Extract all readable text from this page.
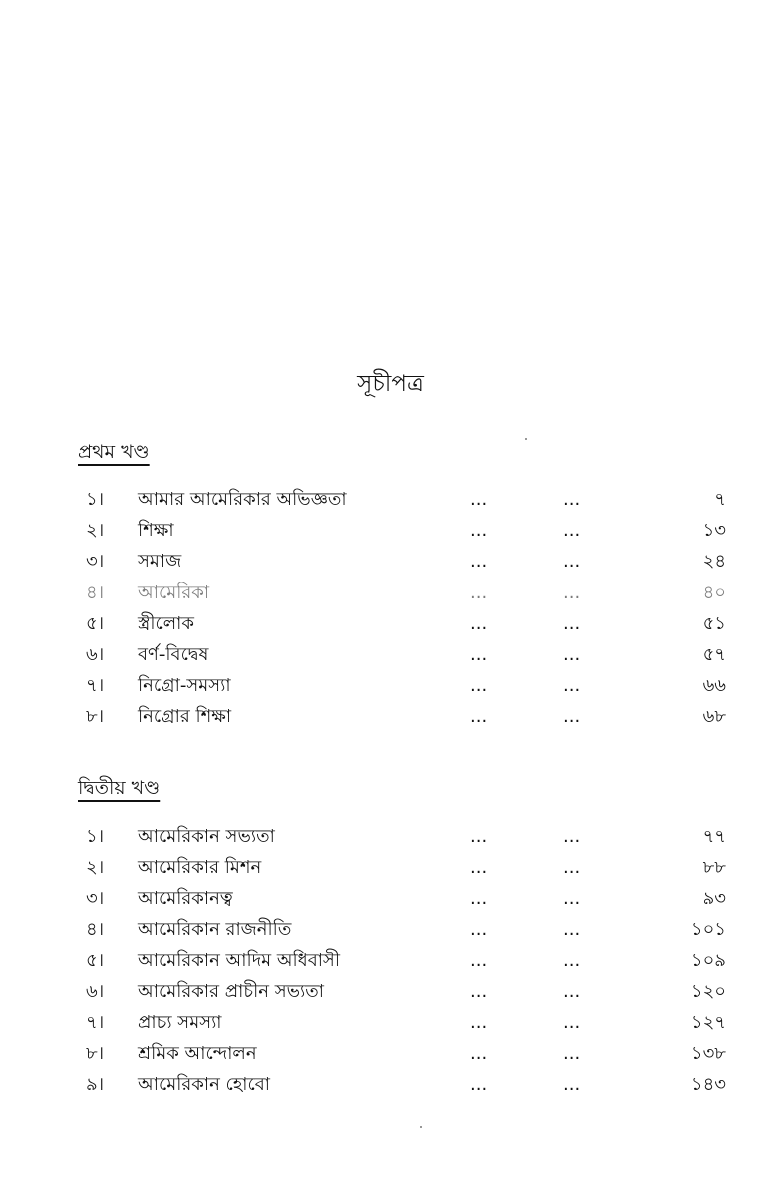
সূচীপত্র
প্রথম খণ্ড
১। আমার আমেরিকার অভিজ্ঞতা	...	...	৭
২। শিক্ষা	...	...	১৩
৩। সমাজ	...	...	২৪
৪। আমেরিকা	...	...	৪০
৫। স্ত্রীলোক	...	...	৫১
৬। বর্ণ-বিদ্বেষ	...	...	৫৭
৭। নিগ্রো-সমস্যা	...	...	৬৬
৮। নিগ্রোর শিক্ষা	...	...	৬৮
দ্বিতীয় খণ্ড
১। আমেরিকান সভ্যতা	...	...	৭৭
২। আমেরিকার মিশন	...	...	৮৮
৩। আমেরিকানত্ব	...	...	৯৩
৪। আমেরিকান রাজনীতি	...	...	১০১
৫। আমেরিকান আদিম অধিবাসী	...	...	১০৯
৬। আমেরিকার প্রাচীন সভ্যতা	...	...	১২০
৭। প্রাচ্য সমস্যা	...	...	১২৭
৮। শ্রমিক আন্দোলন	...	...	১৩৮
৯। আমেরিকান হোবো	...	...	১৪৩
